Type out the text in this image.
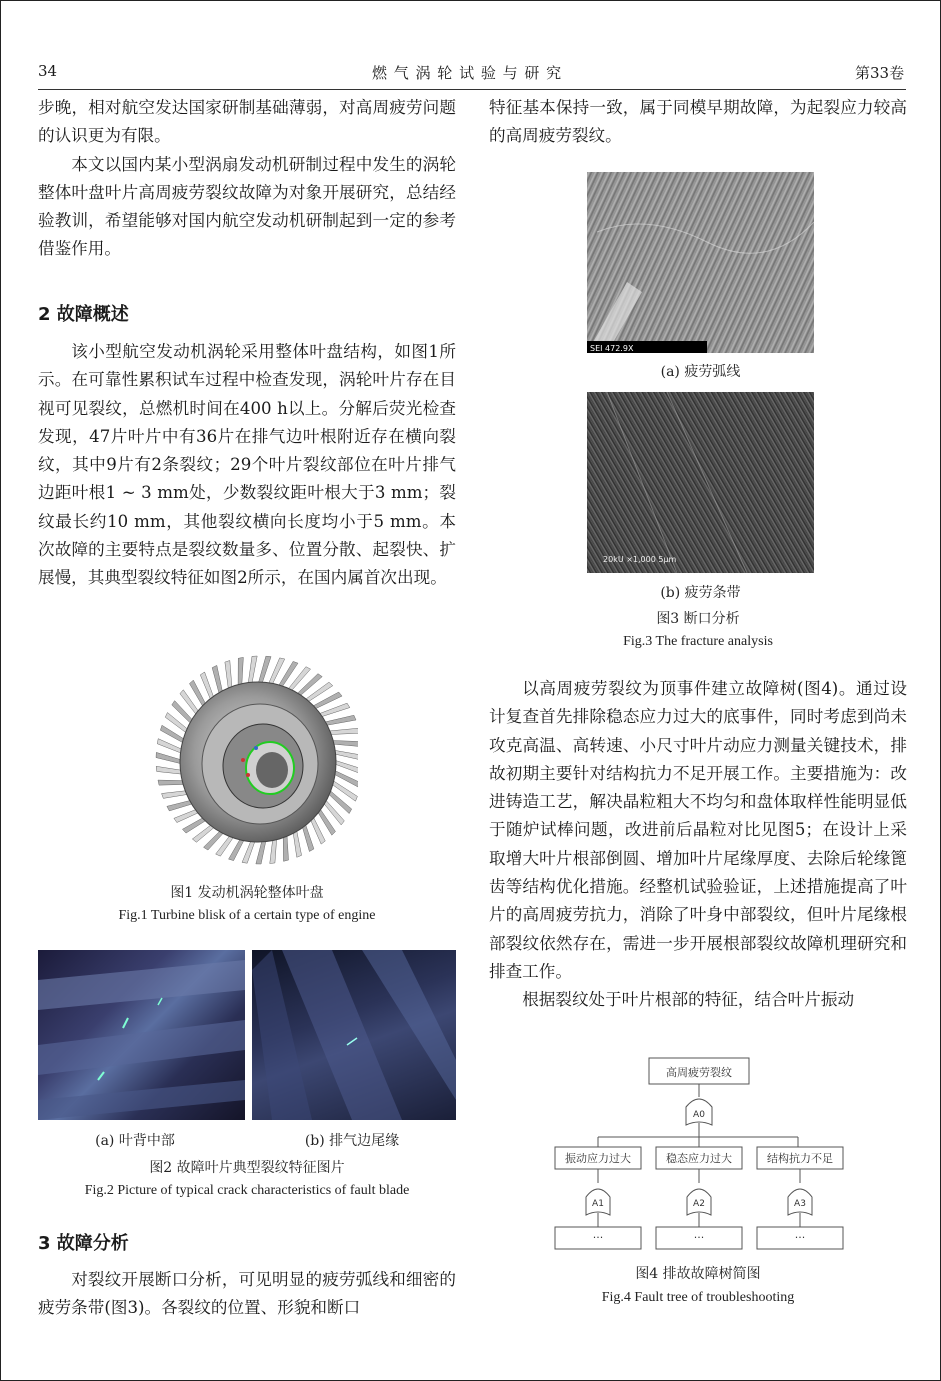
34	燃 气 涡 轮 试 验 与 研 究	第33卷

步晚，相对航空发达国家研制基础薄弱，对高周疲劳问题的认识更为有限。

本文以国内某小型涡扇发动机研制过程中发生的涡轮整体叶盘叶片高周疲劳裂纹故障为对象开展研究，总结经验教训，希望能够对国内航空发动机研制起到一定的参考借鉴作用。

2 故障概述

该小型航空发动机涡轮采用整体叶盘结构，如图1所示。在可靠性累积试车过程中检查发现，涡轮叶片存在目视可见裂纹，总燃机时间在400 h以上。分解后荧光检查发现，47片叶片中有36片在排气边叶根附近存在横向裂纹，其中9片有2条裂纹；29个叶片裂纹部位在叶片排气边距叶根1 ~ 3 mm处，少数裂纹距叶根大于3 mm；裂纹最长约10 mm，其他裂纹横向长度均小于5 mm。本次故障的主要特点是裂纹数量多、位置分散、起裂快、扩展慢，其典型裂纹特征如图2所示，在国内属首次出现。

图1 发动机涡轮整体叶盘
Fig.1 Turbine blisk of a certain type of engine
(a) 叶背中部	(b) 排气边尾缘
图2 故障叶片典型裂纹特征图片
Fig.2 Picture of typical crack characteristics of fault blade
3 故障分析

对裂纹开展断口分析，可见明显的疲劳弧线和细密的疲劳条带(图3)。各裂纹的位置、形貌和断口

特征基本保持一致，属于同模早期故障，为起裂应力较高的高周疲劳裂纹。

SEI 472.9X
(a) 疲劳弧线
20kU ×1,000 5μm
(b) 疲劳条带
图3 断口分析
Fig.3 The fracture analysis

以高周疲劳裂纹为顶事件建立故障树(图4)。通过设计复查首先排除稳态应力过大的底事件，同时考虑到尚未攻克高温、高转速、小尺寸叶片动应力测量关键技术，排故初期主要针对结构抗力不足开展工作。主要措施为：改进铸造工艺，解决晶粒粗大不均匀和盘体取样性能明显低于随炉试棒问题，改进前后晶粒对比见图5；在设计上采取增大叶片根部倒圆、增加叶片尾缘厚度、去除后轮缘篦齿等结构优化措施。经整机试验验证，上述措施提高了叶片的高周疲劳抗力，消除了叶身中部裂纹，但叶片尾缘根部裂纹依然存在，需进一步开展根部裂纹故障机理研究和排查工作。

根据裂纹处于叶片根部的特征，结合叶片振动

高周疲劳裂纹
A0
振动应力过大
A1
···
稳态应力过大
A2
···
结构抗力不足
A3
···
图4 排故故障树简图
Fig.4 Fault tree of troubleshooting
